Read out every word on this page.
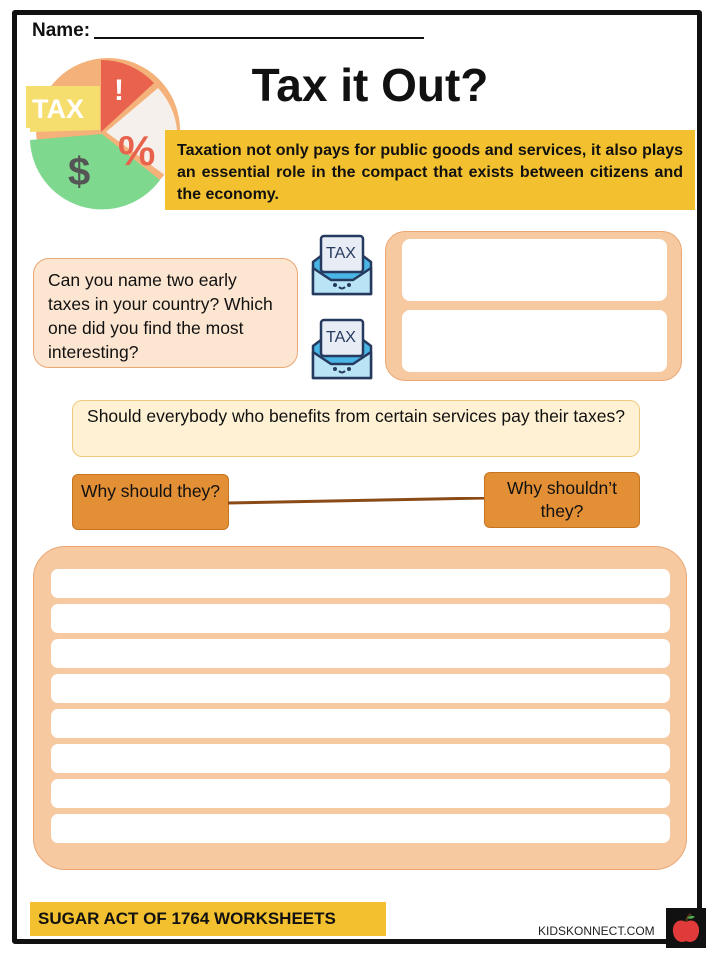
Name:
TAX
!
%
$
Tax it Out?
Taxation not only pays for public goods and services, it also plays an essential role in the compact that exists between citizens and the economy.
Can you name two early taxes in your country? Which one did you find the most interesting?
TAX
TAX
Should everybody who benefits from certain services pay their taxes?
Why should they?	Why shouldn’t they?
SUGAR ACT OF 1764 WORKSHEETS
KIDSKONNECT.COM
